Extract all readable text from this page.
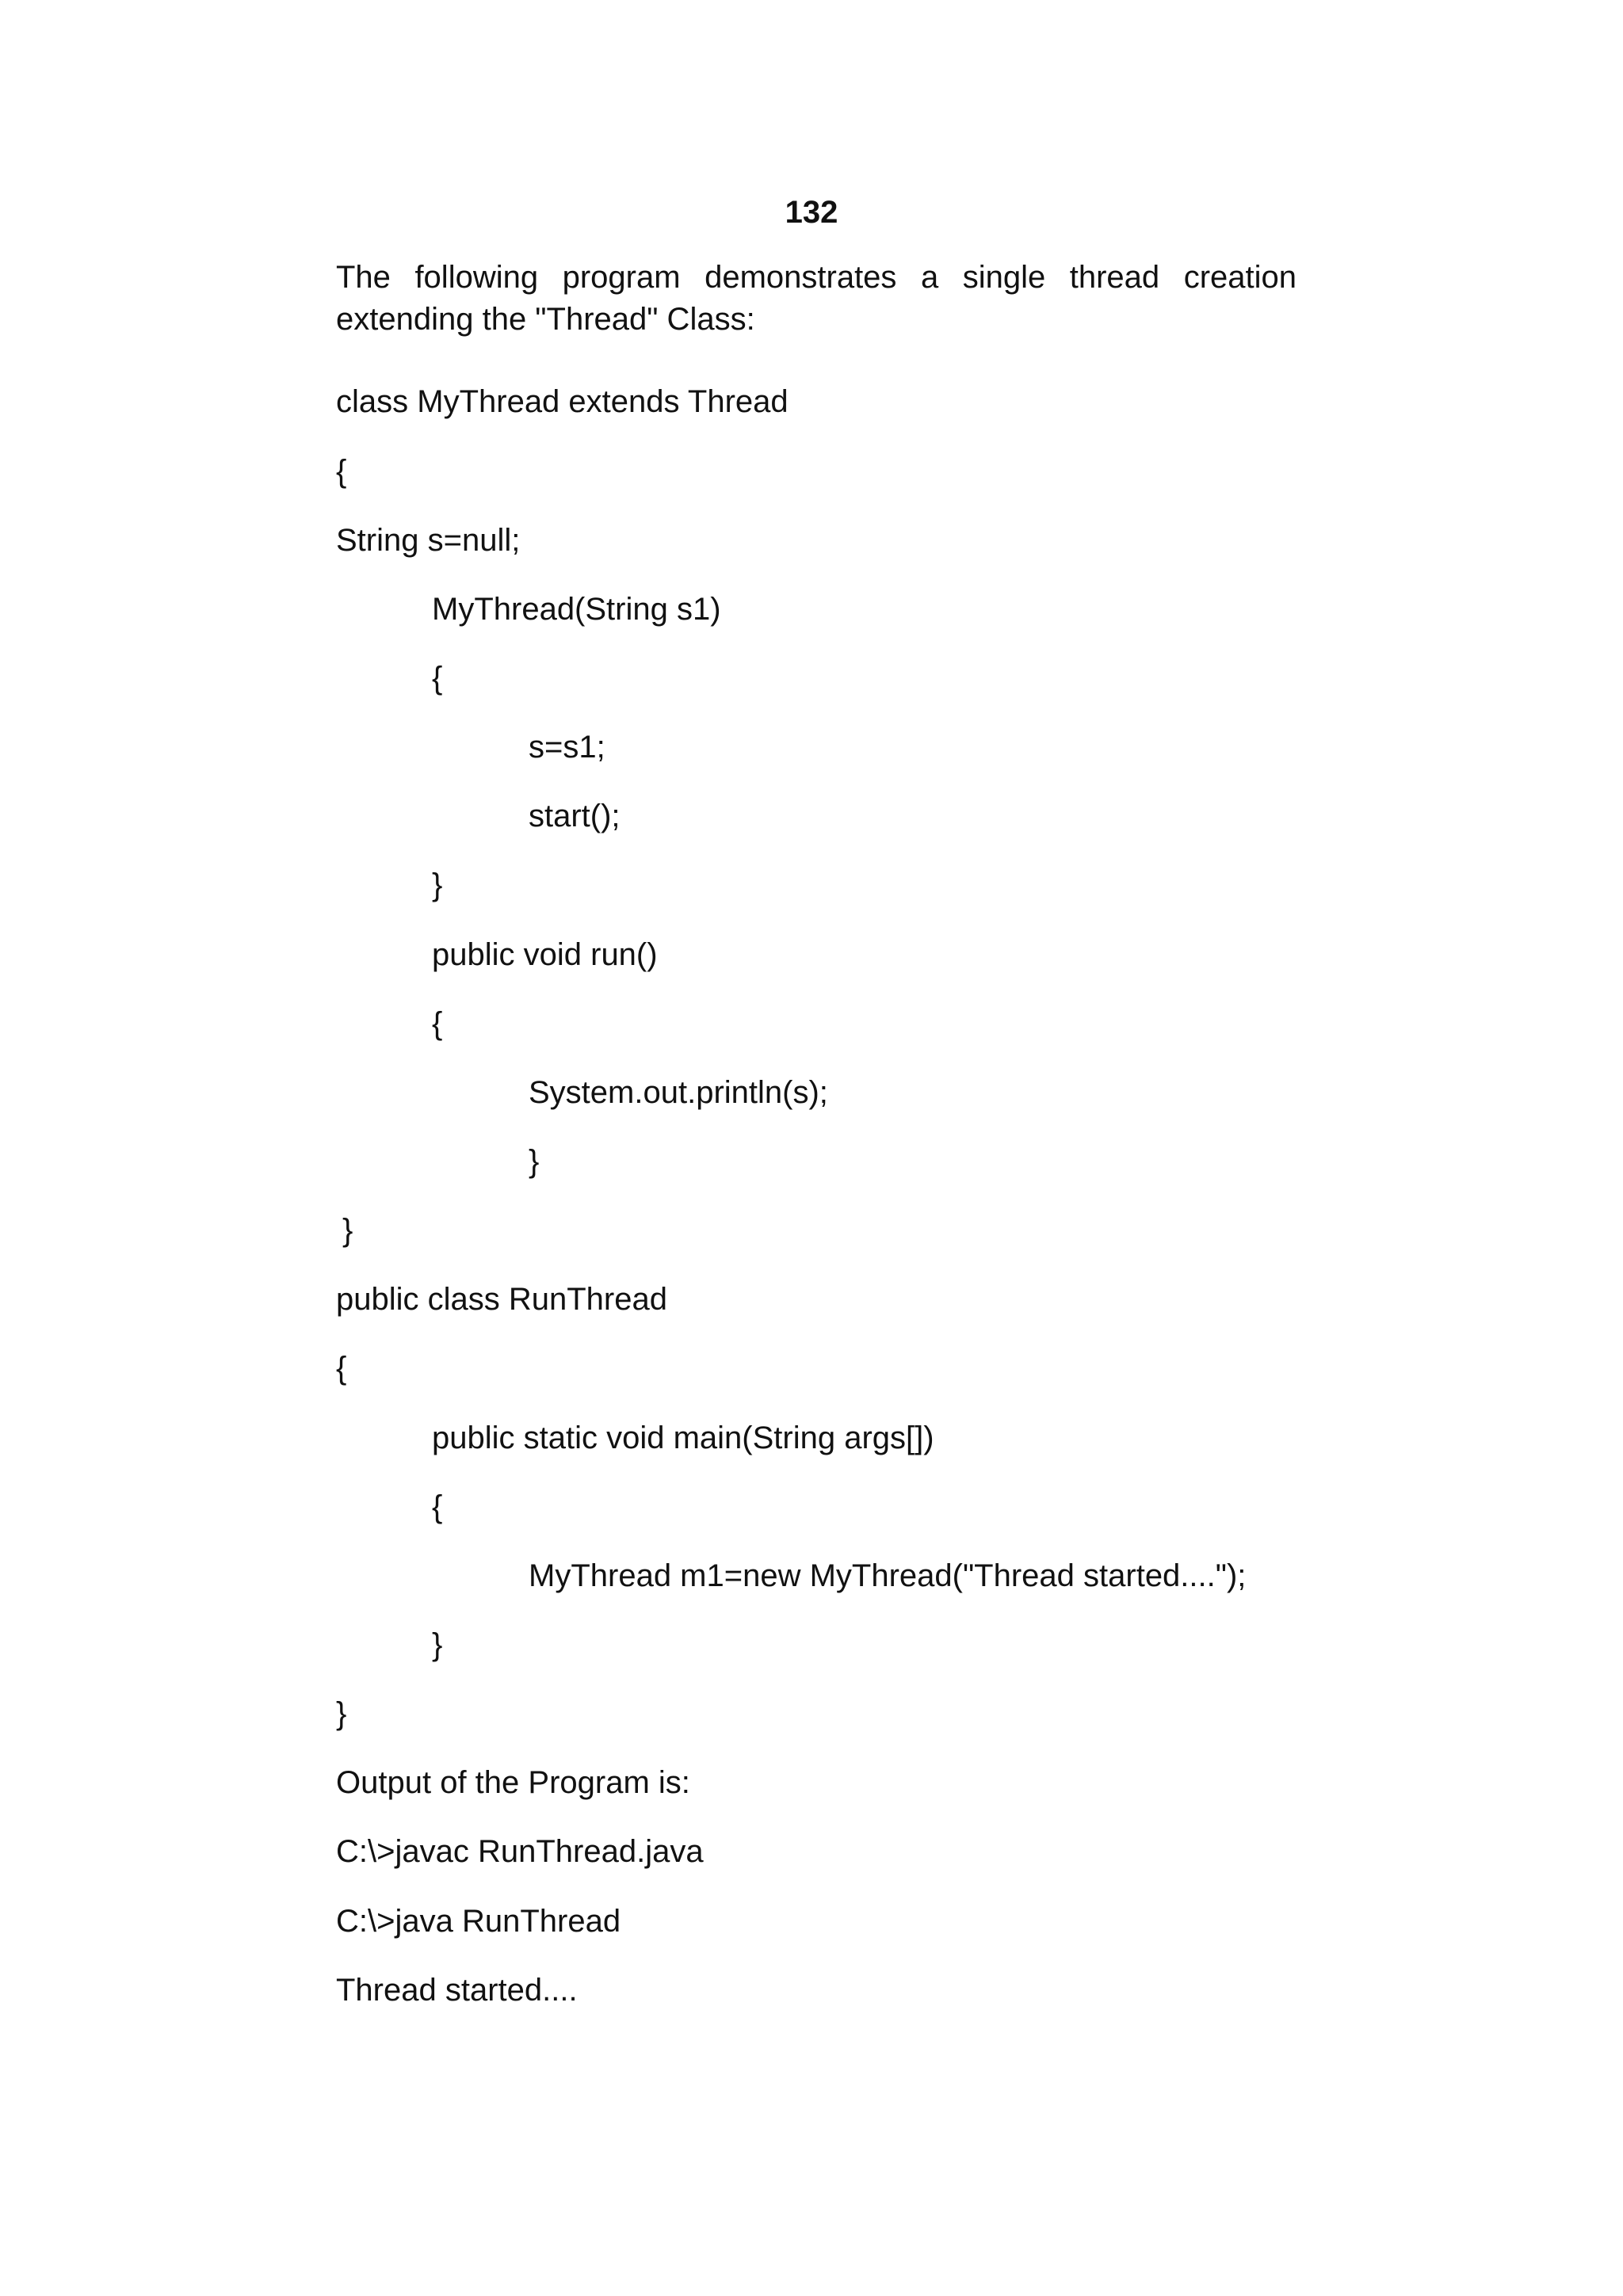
132
The following program demonstrates a single thread creation extending the "Thread" Class:
class MyThread extends Thread
{
String s=null;
MyThread(String s1)
{
s=s1;
start();
}
public void run()
{
System.out.println(s);
}
}
public class RunThread
{
public static void main(String args[])
{
MyThread m1=new MyThread("Thread started....");
}
}
Output of the Program is:
C:\>javac RunThread.java
C:\>java RunThread
Thread started....
